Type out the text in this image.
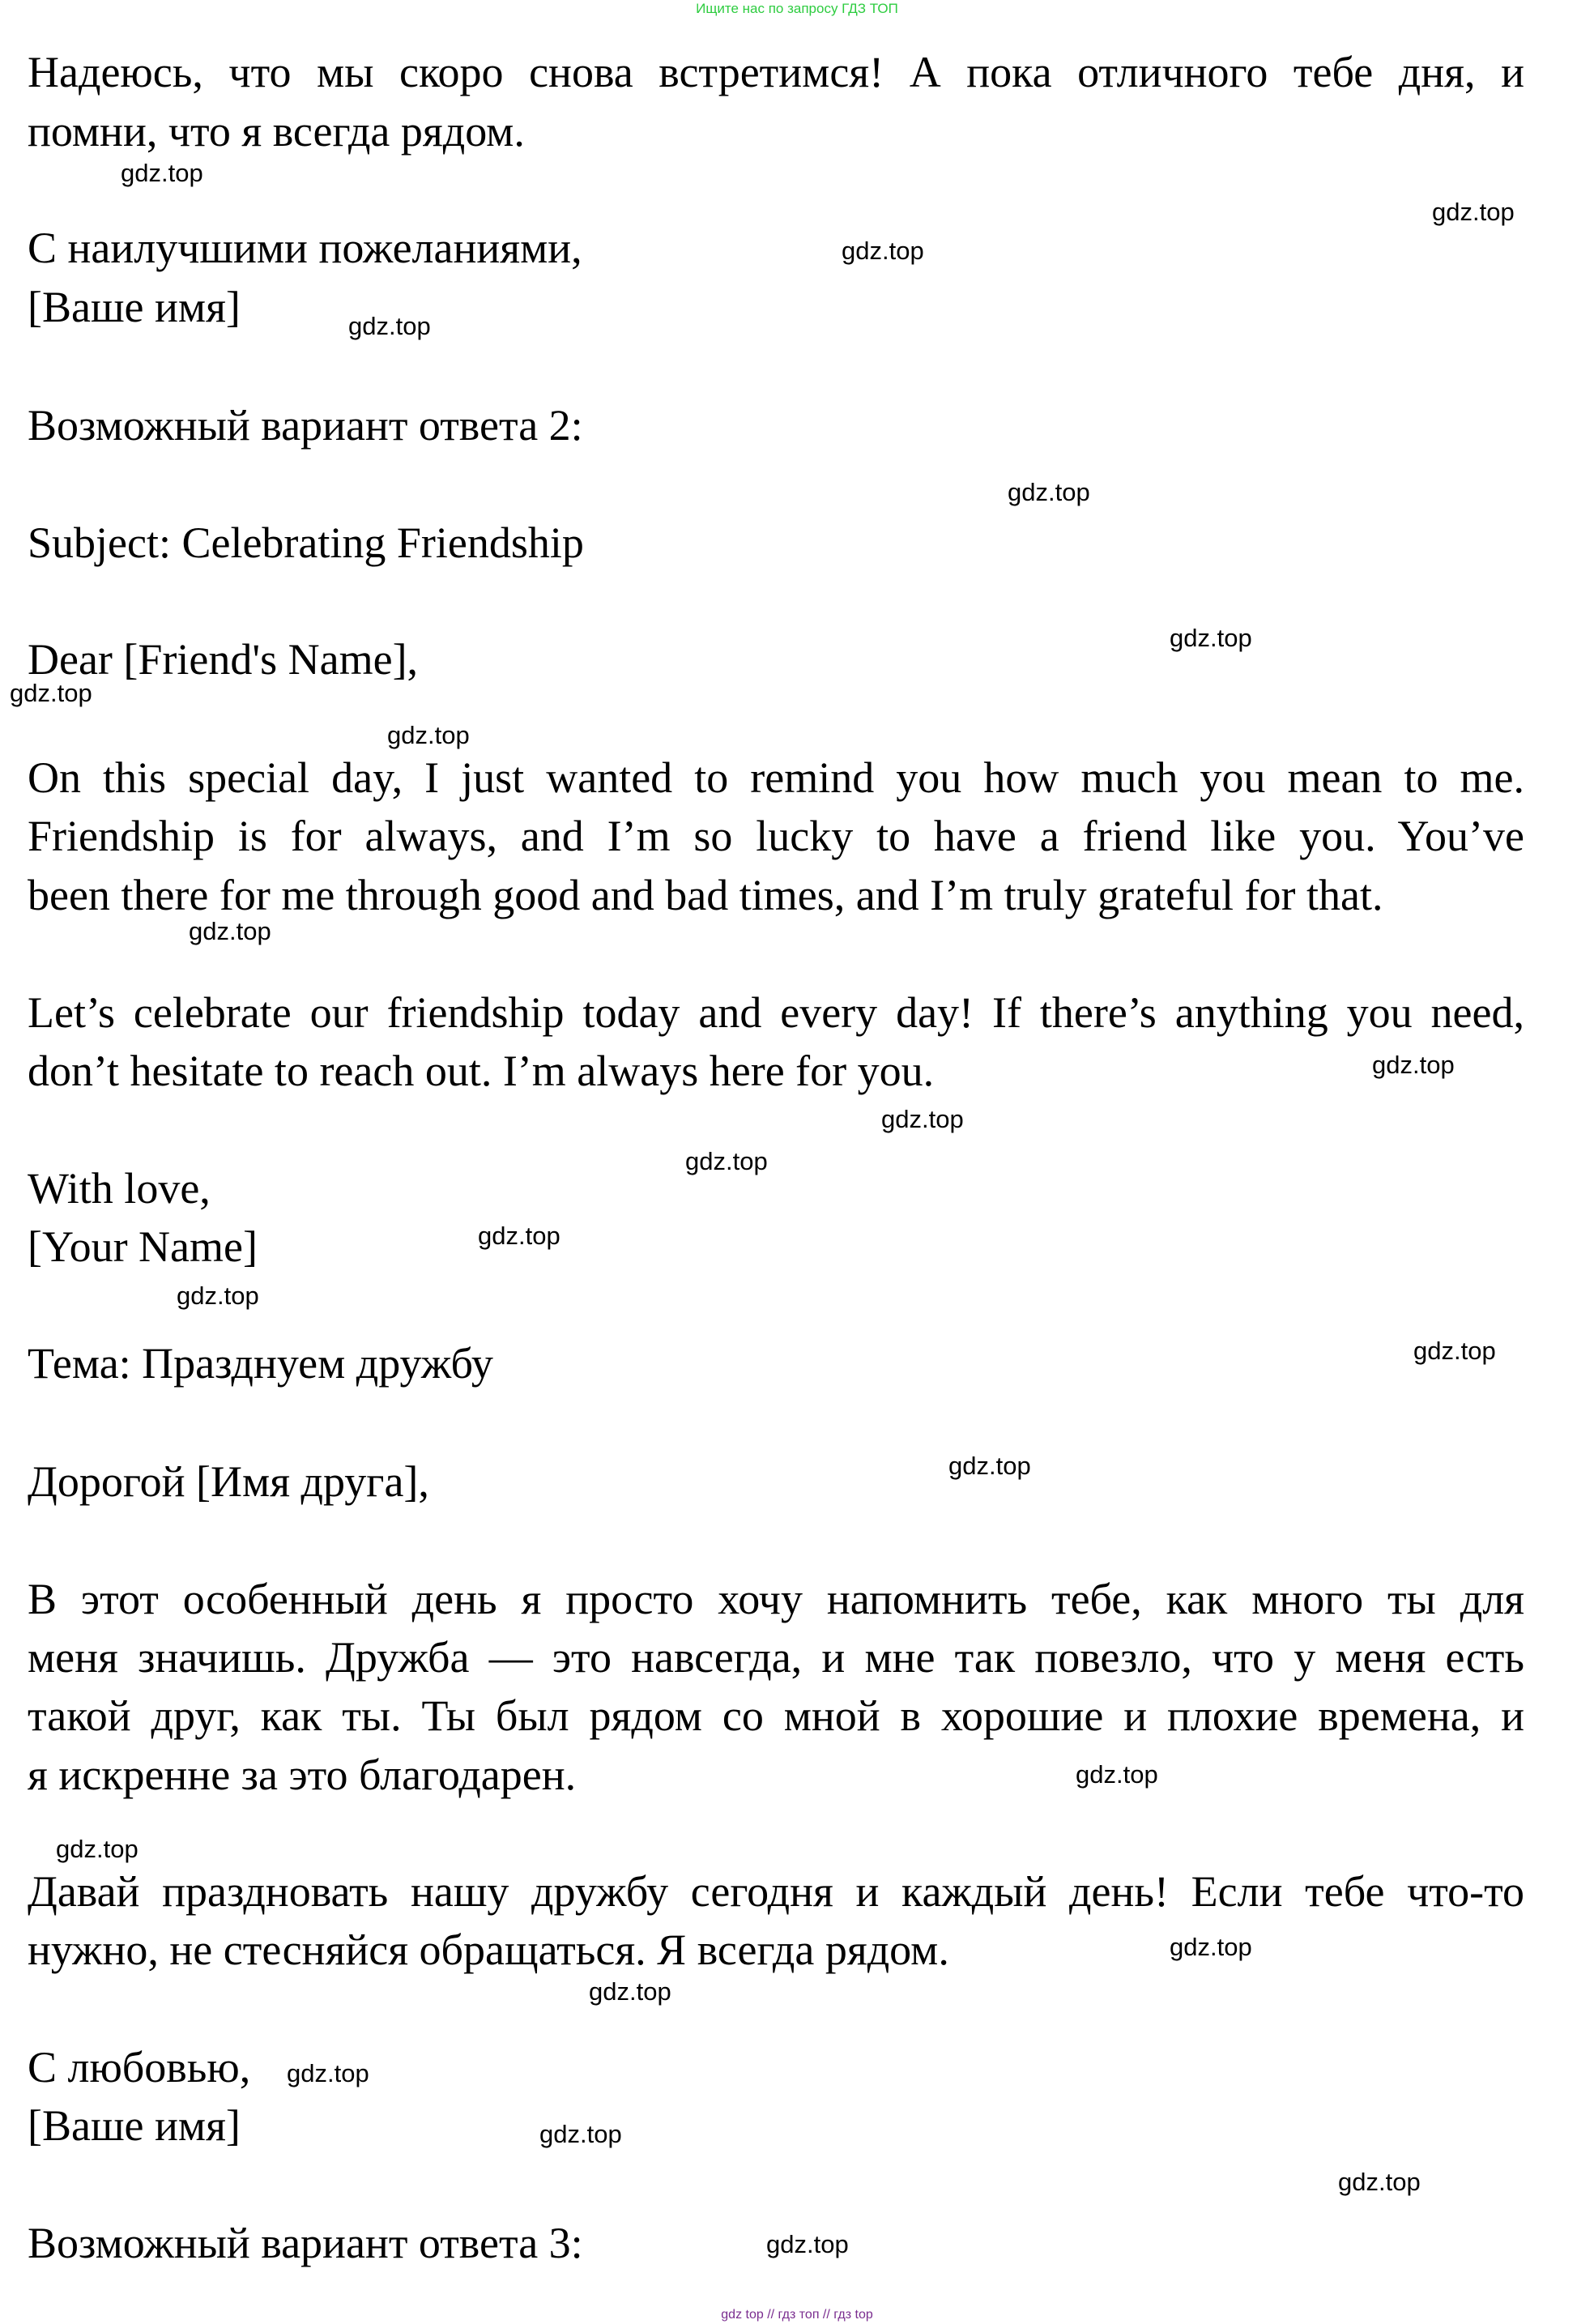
Ищите нас по запросу ГДЗ ТОП
Надеюсь, что мы скоро снова встретимся! А пока отличного тебе дня, и
помни, что я всегда рядом.
С наилучшими пожеланиями,
[Ваше имя]
Возможный вариант ответа 2:
Subject: Celebrating Friendship
Dear [Friend's Name],
On this special day, I just wanted to remind you how much you mean to me.
Friendship is for always, and I’m so lucky to have a friend like you. You’ve
been there for me through good and bad times, and I’m truly grateful for that.
Let’s celebrate our friendship today and every day! If there’s anything you need,
don’t hesitate to reach out. I’m always here for you.
With love,
[Your Name]
Тема: Празднуем дружбу
Дорогой [Имя друга],
В этот особенный день я просто хочу напомнить тебе, как много ты для
меня значишь. Дружба — это навсегда, и мне так повезло, что у меня есть
такой друг, как ты. Ты был рядом со мной в хорошие и плохие времена, и
я искренне за это благодарен.
Давай праздновать нашу дружбу сегодня и каждый день! Если тебе что-то
нужно, не стесняйся обращаться. Я всегда рядом.
С любовью,
[Ваше имя]
Возможный вариант ответа 3:
gdz.top
gdz.top
gdz.top
gdz.top
gdz.top
gdz.top
gdz.top
gdz.top
gdz.top
gdz.top
gdz.top
gdz.top
gdz.top
gdz.top
gdz.top
gdz.top
gdz.top
gdz.top
gdz.top
gdz.top
gdz.top
gdz.top
gdz.top
gdz.top
gdz top // гдз топ // гдз top
